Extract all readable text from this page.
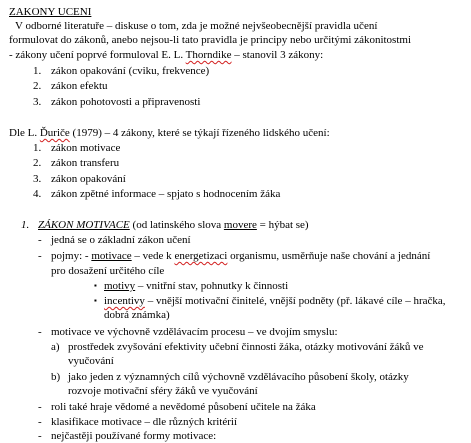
ZAKONY UCENI
V odborné literatuře – diskuse o tom, zda je možné nejvšeobecnější pravidla učení
formulovat do zákonů, anebo nejsou-li tato pravidla je principy nebo určitými zákonitostmi
- zákony učení poprvé formuloval E. L. Thorndike – stanovil 3 zákony:
1. zákon opakování (cviku, frekvence)
2. zákon efektu
3. zákon pohotovosti a připravenosti
Dle L. Ďuriče (1979) – 4 zákony, které se týkají řízeného lidského učení:
1. zákon motivace
2. zákon transferu
3. zákon opakování
4. zákon zpětné informace – spjato s hodnocením žáka
1. ZÁKON MOTIVACE (od latinského slova movere = hýbat se)
- jedná se o základní zákon učení
- pojmy: - motivace – vede k energetizaci organismu, usměrňuje naše chování a jednání
pro dosažení určitého cíle
▪ motivy – vnitřní stav, pohnutky k činnosti
▪ incentivy – vnější motivační činitelé, vnější podněty (př. lákavé cíle – hračka,
dobrá známka)
- motivace ve výchovně vzdělávacím procesu – ve dvojím smyslu:
a) prostředek zvyšování efektivity učební činnosti žáka, otázky motivování žáků ve
vyučování
b) jako jeden z významných cílů výchovně vzdělávacího působení školy, otázky
rozvoje motivační sféry žáků ve vyučování
- roli také hraje vědomé a nevědomé působení učitele na žáka
- klasifikace motivace – dle různých kritérií
- nejčastěji používané formy motivace:
